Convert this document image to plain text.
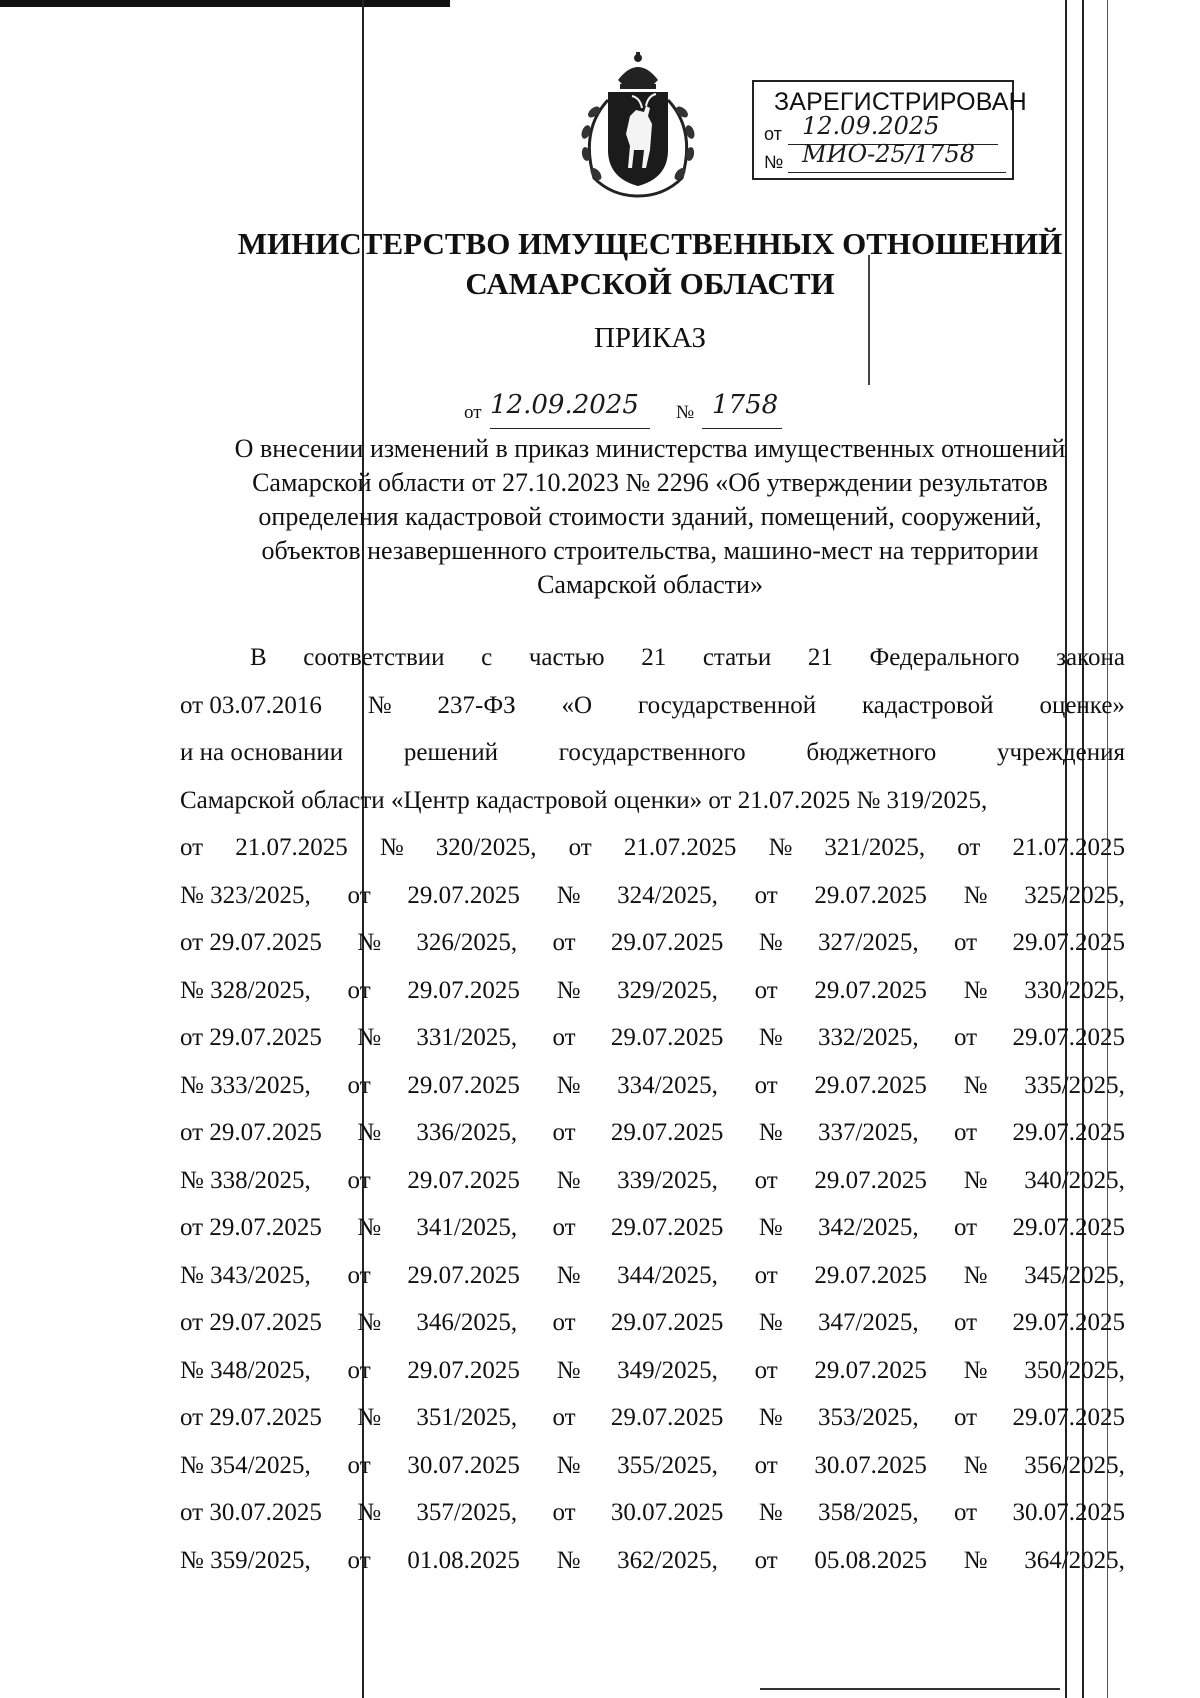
ЗАРЕГИСТРИРОВАН
от 12.09.2025
№ МИО-25/1758
МИНИСТЕРСТВО ИМУЩЕСТВЕННЫХ ОТНОШЕНИЙ
САМАРСКОЙ ОБЛАСТИ
ПРИКАЗ
от 12.09.2025 № 1758
О внесении изменений в приказ министерства имущественных отношений
Самарской области от 27.10.2023 № 2296 «Об утверждении результатов
определения кадастровой стоимости зданий, помещений, сооружений,
объектов незавершенного строительства, машино-мест на территории
Самарской области»
В соответствии с частью 21 статьи 21 Федерального закона
от 03.07.2016 № 237-ФЗ «О государственной кадастровой оценке»
и на основании решений государственного бюджетного учреждения
Самарской области «Центр кадастровой оценки» от 21.07.2025 № 319/2025,
от 21.07.2025 № 320/2025, от 21.07.2025 № 321/2025, от 21.07.2025
№ 323/2025, от 29.07.2025 № 324/2025, от 29.07.2025 № 325/2025,
от 29.07.2025 № 326/2025, от 29.07.2025 № 327/2025, от 29.07.2025
№ 328/2025, от 29.07.2025 № 329/2025, от 29.07.2025 № 330/2025,
от 29.07.2025 № 331/2025, от 29.07.2025 № 332/2025, от 29.07.2025
№ 333/2025, от 29.07.2025 № 334/2025, от 29.07.2025 № 335/2025,
от 29.07.2025 № 336/2025, от 29.07.2025 № 337/2025, от 29.07.2025
№ 338/2025, от 29.07.2025 № 339/2025, от 29.07.2025 № 340/2025,
от 29.07.2025 № 341/2025, от 29.07.2025 № 342/2025, от 29.07.2025
№ 343/2025, от 29.07.2025 № 344/2025, от 29.07.2025 № 345/2025,
от 29.07.2025 № 346/2025, от 29.07.2025 № 347/2025, от 29.07.2025
№ 348/2025, от 29.07.2025 № 349/2025, от 29.07.2025 № 350/2025,
от 29.07.2025 № 351/2025, от 29.07.2025 № 353/2025, от 29.07.2025
№ 354/2025, от 30.07.2025 № 355/2025, от 30.07.2025 № 356/2025,
от 30.07.2025 № 357/2025, от 30.07.2025 № 358/2025, от 30.07.2025
№ 359/2025, от 01.08.2025 № 362/2025, от 05.08.2025 № 364/2025,
